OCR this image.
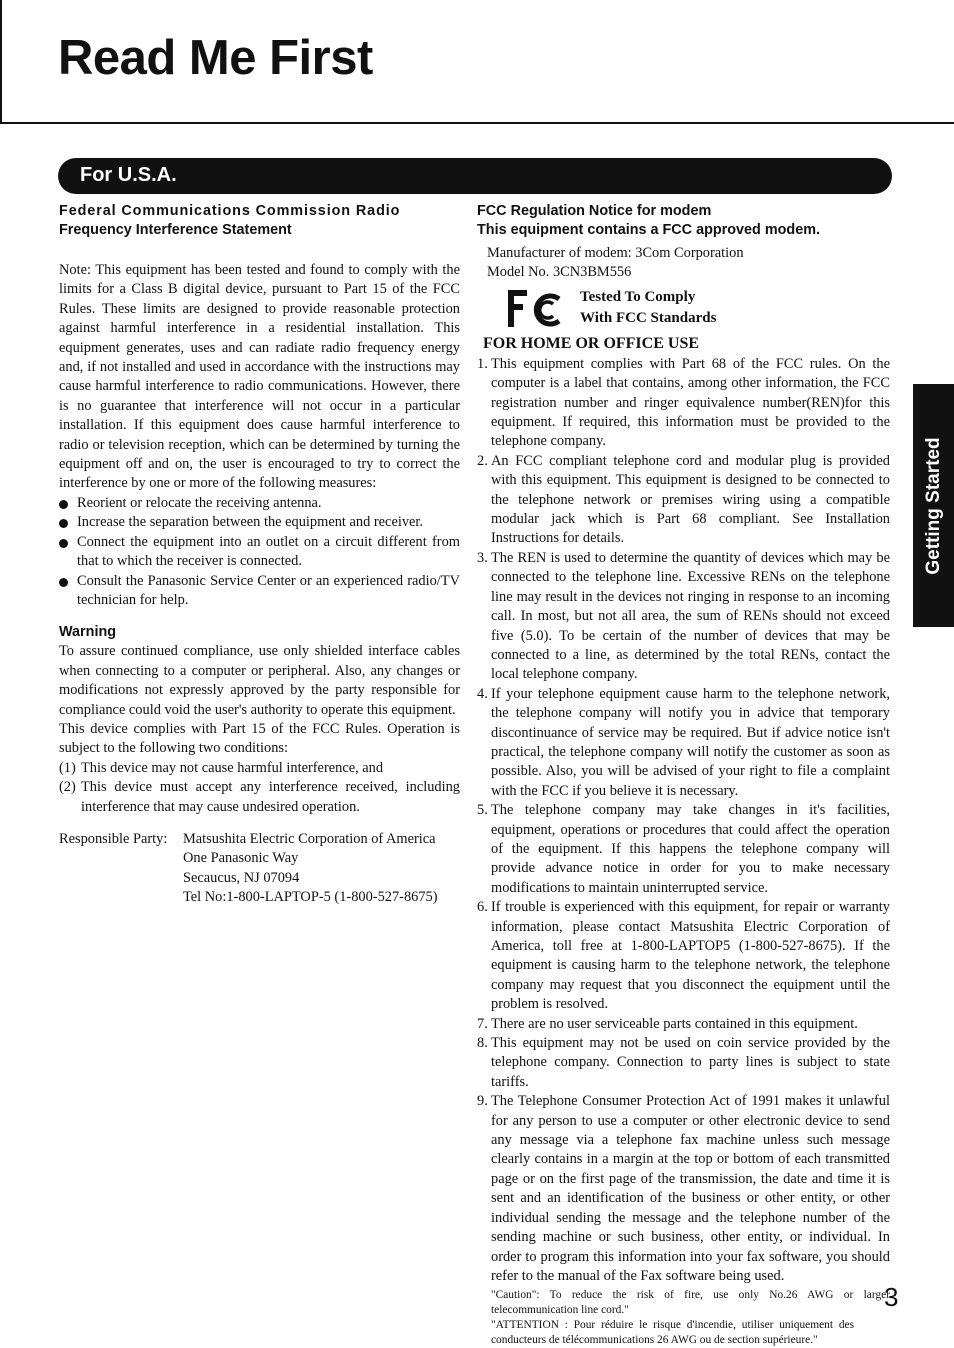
Read Me First
For U.S.A.
Federal Communications Commission Radio
Frequency Interference Statement

Note: This equipment has been tested and found to comply with the limits for a Class B digital device, pursuant to Part 15 of the FCC Rules. These limits are designed to provide reasonable protection against harmful interference in a residential installation. This equipment generates, uses and can radiate radio frequency energy and, if not installed and used in accordance with the instructions may cause harmful interference to radio communications. However, there is no guarantee that interference will not occur in a particular installation. If this equipment does cause harmful interference to radio or television reception, which can be determined by turning the equipment off and on, the user is encouraged to try to correct the interference by one or more of the following measures:

Reorient or relocate the receiving antenna.
Increase the separation between the equipment and receiver.
Connect the equipment into an outlet on a circuit different from that to which the receiver is connected.
Consult the Panasonic Service Center or an experienced radio/TV technician for help.
Warning

To assure continued compliance, use only shielded interface cables when connecting to a computer or peripheral. Also, any changes or modifications not expressly approved by the party responsible for compliance could void the user's authority to operate this equipment.

This device complies with Part 15 of the FCC Rules. Operation is subject to the following two conditions:

(1) This device may not cause harmful interference, and
(2) This device must accept any interference received, including interference that may cause undesired operation.
Responsible Party: Matsushita Electric Corporation of America
One Panasonic Way
Secaucus, NJ 07094
Tel No:1-800-LAPTOP-5 (1-800-527-8675)
FCC Regulation Notice for modem
This equipment contains a FCC approved modem.
Manufacturer of modem: 3Com Corporation
Model No. 3CN3BM556
Tested To Comply
With FCC Standards
FOR HOME OR OFFICE USE
1. This equipment complies with Part 68 of the FCC rules. On the computer is a label that contains, among other information, the FCC registration number and ringer equivalence number(REN)for this equipment. If required, this information must be provided to the telephone company.
2. An FCC compliant telephone cord and modular plug is provided with this equipment. This equipment is designed to be connected to the telephone network or premises wiring using a compatible modular jack which is Part 68 compliant. See Installation Instructions for details.
3. The REN is used to determine the quantity of devices which may be connected to the telephone line. Excessive RENs on the telephone line may result in the devices not ringing in response to an incoming call. In most, but not all area, the sum of RENs should not exceed five (5.0). To be certain of the number of devices that may be connected to a line, as determined by the total RENs, contact the local telephone company.
4. If your telephone equipment cause harm to the telephone network, the telephone company will notify you in advice that temporary discontinuance of service may be required. But if advice notice isn't practical, the telephone company will notify the customer as soon as possible. Also, you will be advised of your right to file a complaint with the FCC if you believe it is necessary.
5. The telephone company may take changes in it's facilities, equipment, operations or procedures that could affect the operation of the equipment. If this happens the telephone company will provide advance notice in order for you to make necessary modifications to maintain uninterrupted service.
6. If trouble is experienced with this equipment, for repair or warranty information, please contact Matsushita Electric Corporation of America, toll free at 1-800-LAPTOP5 (1-800-527-8675). If the equipment is causing harm to the telephone network, the telephone company may request that you disconnect the equipment until the problem is resolved.
7. There are no user serviceable parts contained in this equipment.
8. This equipment may not be used on coin service provided by the telephone company. Connection to party lines is subject to state tariffs.
9. The Telephone Consumer Protection Act of 1991 makes it unlawful for any person to use a computer or other electronic device to send any message via a telephone fax machine unless such message clearly contains in a margin at the top or bottom of each transmitted page or on the first page of the transmission, the date and time it is sent and an identification of the business or other entity, or other individual sending the message and the telephone number of the sending machine or such business, other entity, or individual. In order to program this information into your fax software, you should refer to the manual of the Fax software being used.

"Caution": To reduce the risk of fire, use only No.26 AWG or larger telecommunication line cord."

"ATTENTION : Pour réduire le risque d'incendie, utiliser uniquement des conducteurs de télécommunications 26 AWG ou de section supérieure."

Getting Started
3
